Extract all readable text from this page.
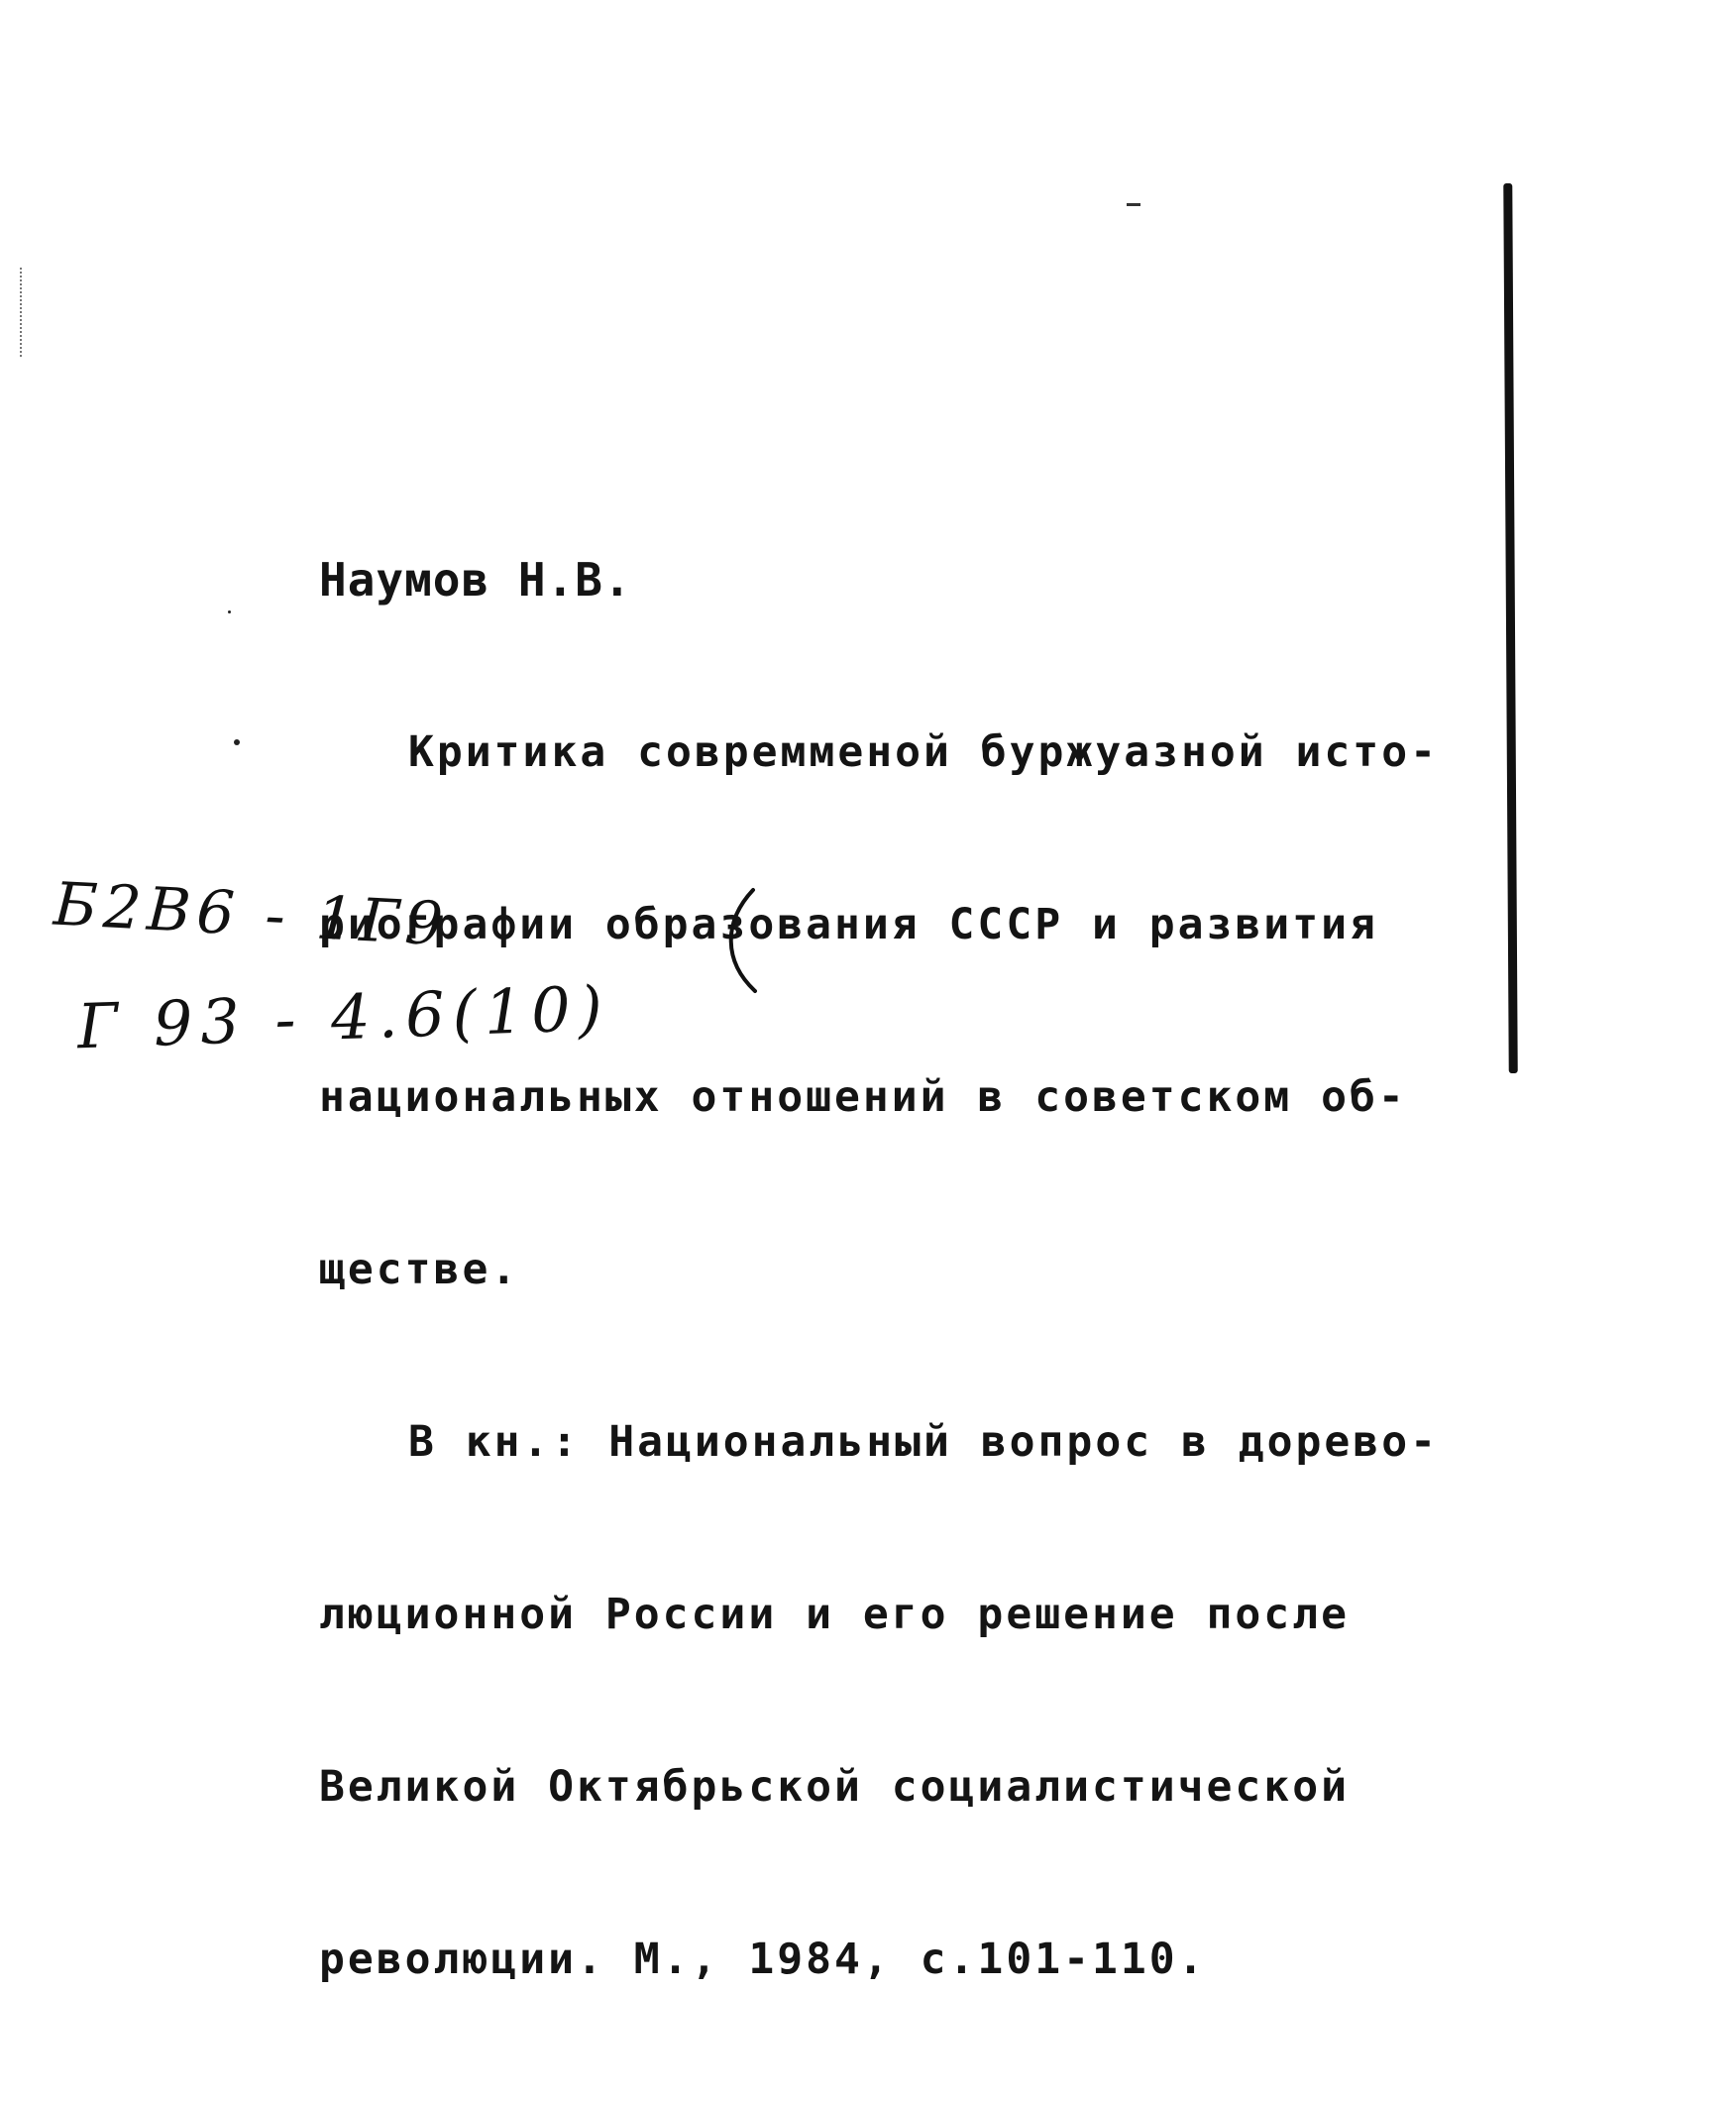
Наумов Н.В.

Критика совремменой буржуазной исто-

риографии образования СССР и развития

национальных отношений в советском об-

ществе.

В кн.: Национальный вопрос в дорево-

люционной России и его решение после

Великой Октябрьской социалистической

революции. М., 1984, с.101-110.

Б2В6 - 1Г9
Г 93 - 4.6(10)
